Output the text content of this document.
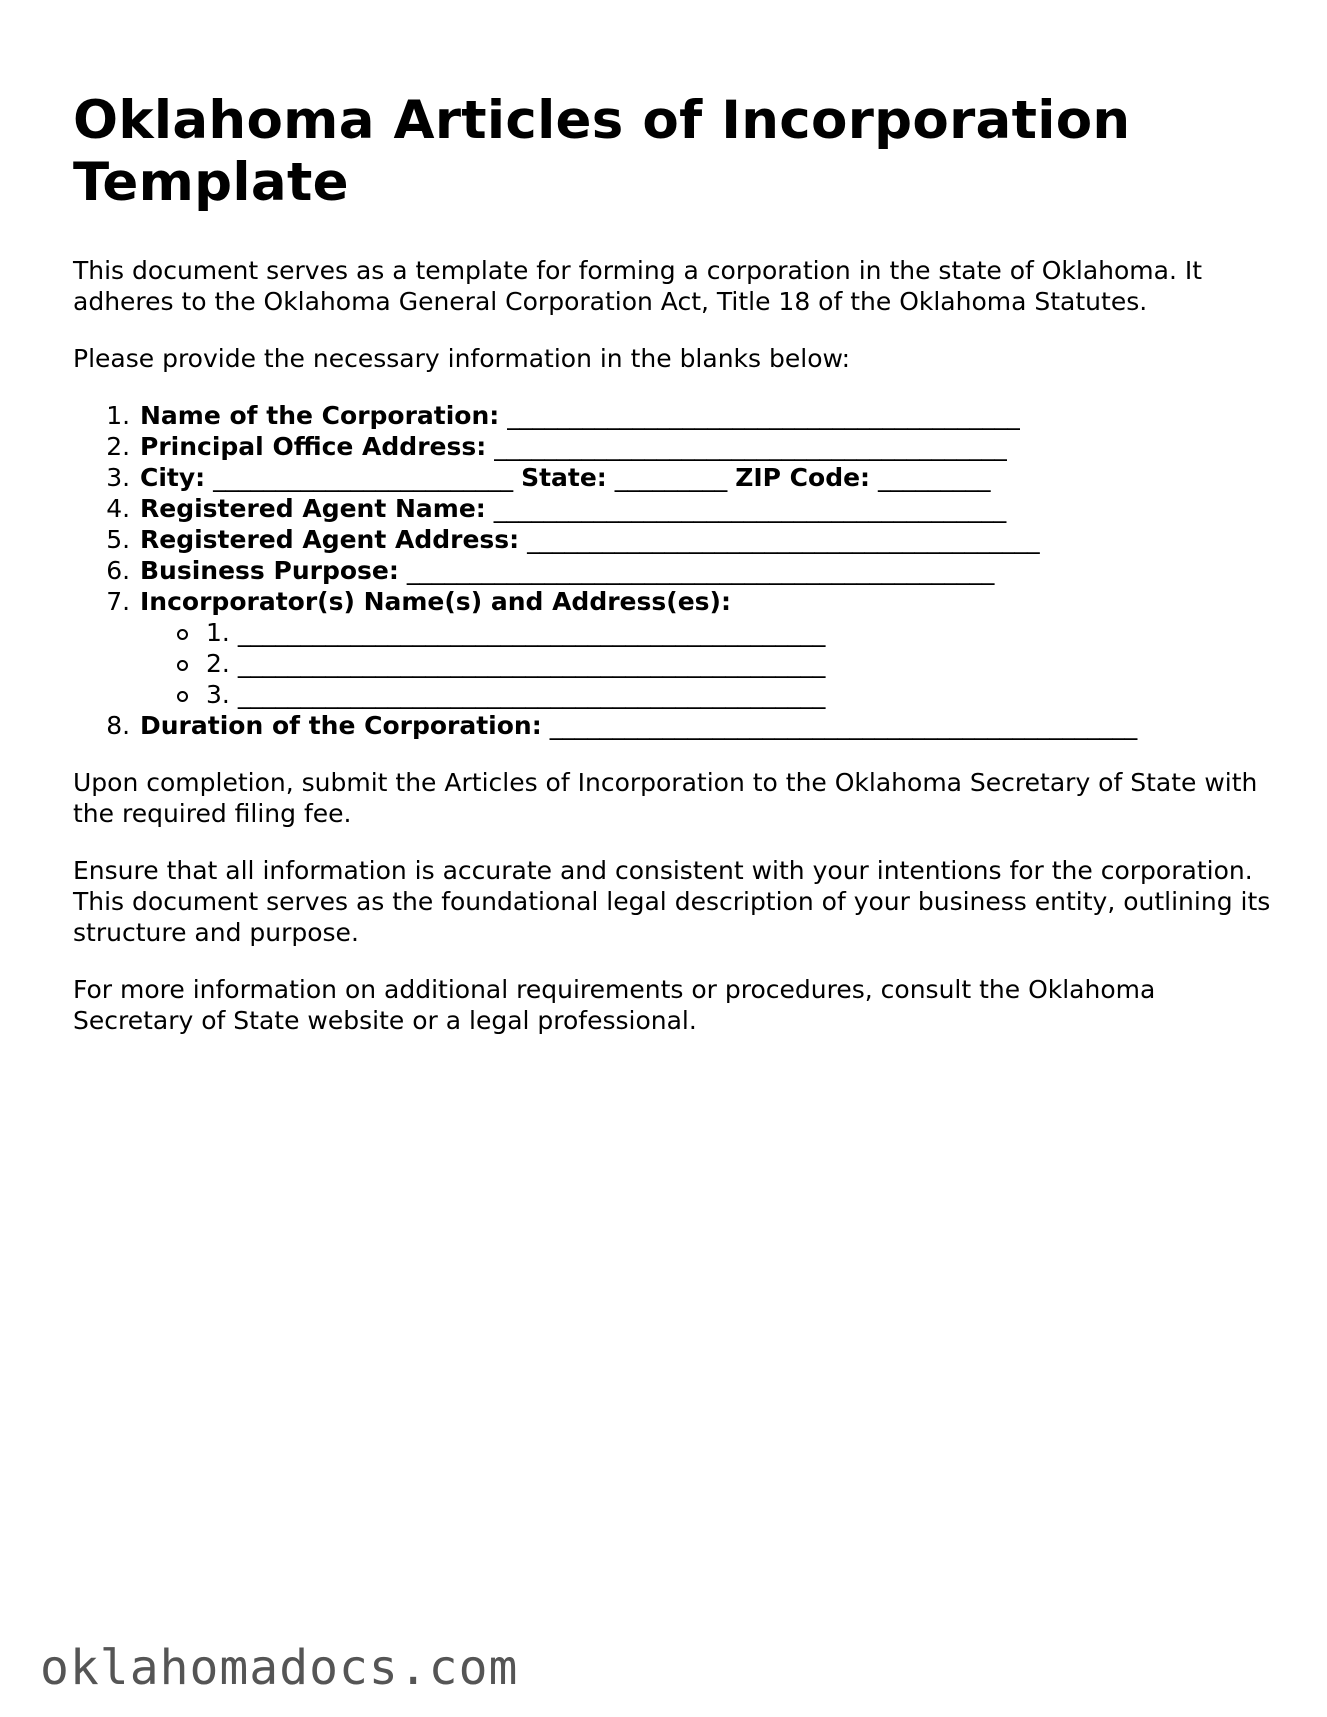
Oklahoma Articles of Incorporation Template

This document serves as a template for forming a corporation in the state of Oklahoma. It adheres to the Oklahoma General Corporation Act, Title 18 of the Oklahoma Statutes.

Please provide the necessary information in the blanks below:

1. Name of the Corporation: _________________________________________
2. Principal Office Address: _________________________________________
3. City: ________________________ State: _________ ZIP Code: _________
4. Registered Agent Name: _________________________________________
5. Registered Agent Address: _________________________________________
6. Business Purpose: _______________________________________________
7. Incorporator(s) Name(s) and Address(es):
1. _______________________________________________
2. _______________________________________________
3. _______________________________________________
8. Duration of the Corporation: _______________________________________________

Upon completion, submit the Articles of Incorporation to the Oklahoma Secretary of State with the required filing fee.

Ensure that all information is accurate and consistent with your intentions for the corporation. This document serves as the foundational legal description of your business entity, outlining its structure and purpose.

For more information on additional requirements or procedures, consult the Oklahoma Secretary of State website or a legal professional.

oklahomadocs.com
